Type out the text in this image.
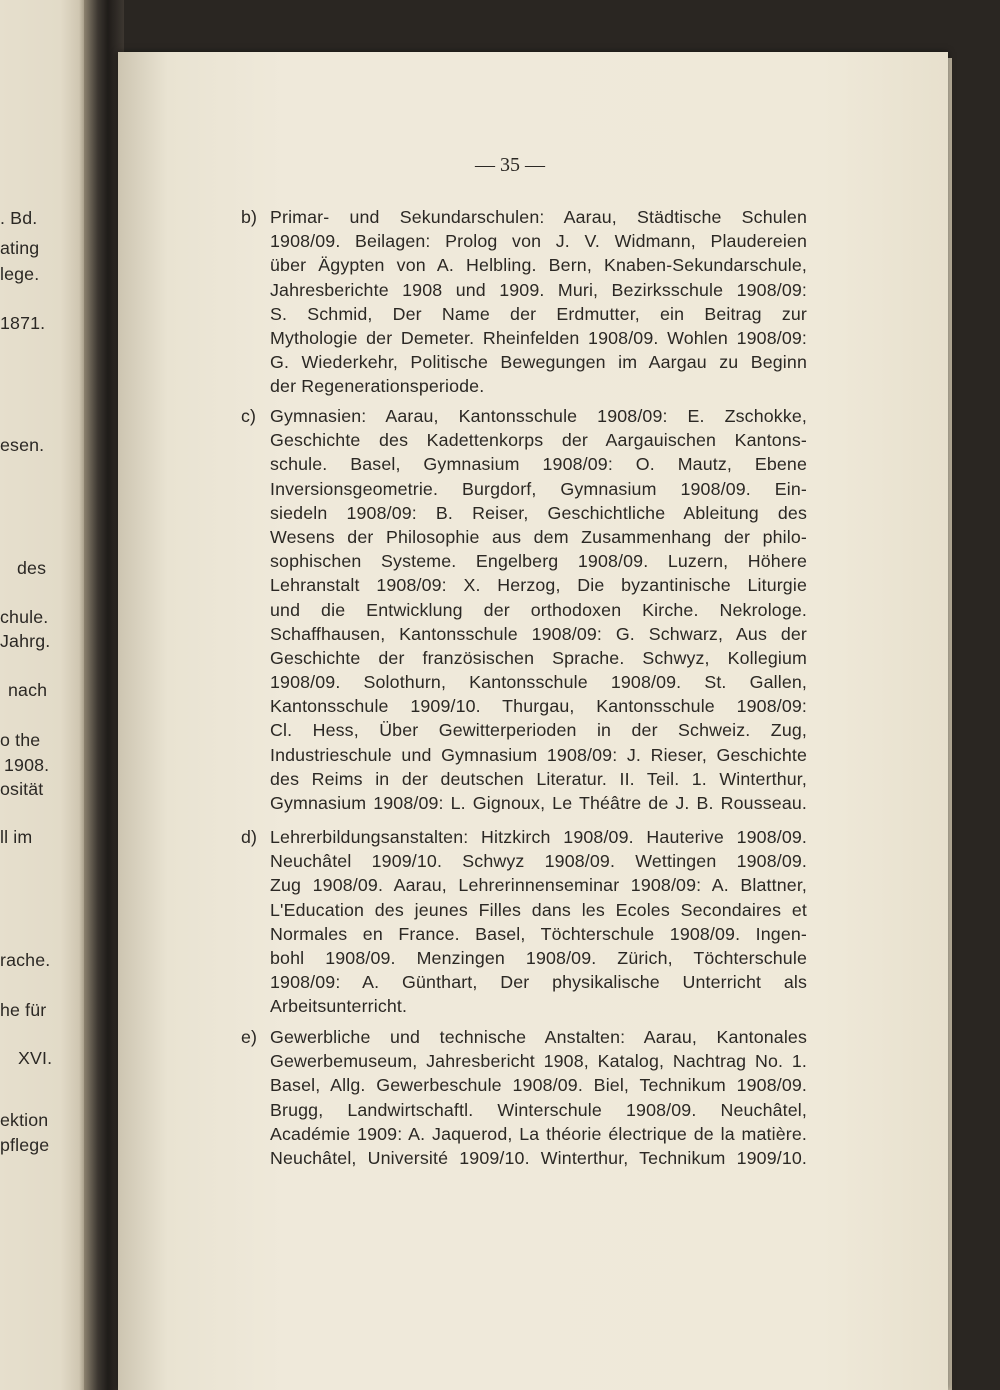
. Bd.
ating
lege.
1871.
esen.
des
chule.
Jahrg.
nach
o the
1908.
osität
ll im
rache.
he für
XVI.
ektion
pflege
— 35 —
b) Primar- und Sekundarschulen: Aarau, Städtische Schulen
1908/09. Beilagen: Prolog von J. V. Widmann, Plaudereien
über Ägypten von A. Helbling. Bern, Knaben-Sekundarschule,
Jahresberichte 1908 und 1909. Muri, Bezirksschule 1908/09:
S. Schmid, Der Name der Erdmutter, ein Beitrag zur
Mythologie der Demeter. Rheinfelden 1908/09. Wohlen 1908/09:
G. Wiederkehr, Politische Bewegungen im Aargau zu Beginn
der Regenerationsperiode.
c) Gymnasien: Aarau, Kantonsschule 1908/09: E. Zschokke,
Geschichte des Kadettenkorps der Aargauischen Kantons-
schule. Basel, Gymnasium 1908/09: O. Mautz, Ebene
Inversionsgeometrie. Burgdorf, Gymnasium 1908/09. Ein-
siedeln 1908/09: B. Reiser, Geschichtliche Ableitung des
Wesens der Philosophie aus dem Zusammenhang der philo-
sophischen Systeme. Engelberg 1908/09. Luzern, Höhere
Lehranstalt 1908/09: X. Herzog, Die byzantinische Liturgie
und die Entwicklung der orthodoxen Kirche. Nekrologe.
Schaffhausen, Kantonsschule 1908/09: G. Schwarz, Aus der
Geschichte der französischen Sprache. Schwyz, Kollegium
1908/09. Solothurn, Kantonsschule 1908/09. St. Gallen,
Kantonsschule 1909/10. Thurgau, Kantonsschule 1908/09:
Cl. Hess, Über Gewitterperioden in der Schweiz. Zug,
Industrieschule und Gymnasium 1908/09: J. Rieser, Geschichte
des Reims in der deutschen Literatur. II. Teil. 1. Winterthur,
Gymnasium 1908/09: L. Gignoux, Le Théâtre de J. B. Rousseau.
d) Lehrerbildungsanstalten: Hitzkirch 1908/09. Hauterive 1908/09.
Neuchâtel 1909/10. Schwyz 1908/09. Wettingen 1908/09.
Zug 1908/09. Aarau, Lehrerinnenseminar 1908/09: A. Blattner,
L'Education des jeunes Filles dans les Ecoles Secondaires et
Normales en France. Basel, Töchterschule 1908/09. Ingen-
bohl 1908/09. Menzingen 1908/09. Zürich, Töchterschule
1908/09: A. Günthart, Der physikalische Unterricht als
Arbeitsunterricht.
e) Gewerbliche und technische Anstalten: Aarau, Kantonales
Gewerbemuseum, Jahresbericht 1908, Katalog, Nachtrag No. 1.
Basel, Allg. Gewerbeschule 1908/09. Biel, Technikum 1908/09.
Brugg, Landwirtschaftl. Winterschule 1908/09. Neuchâtel,
Académie 1909: A. Jaquerod, La théorie électrique de la matière.
Neuchâtel, Université 1909/10. Winterthur, Technikum 1909/10.
